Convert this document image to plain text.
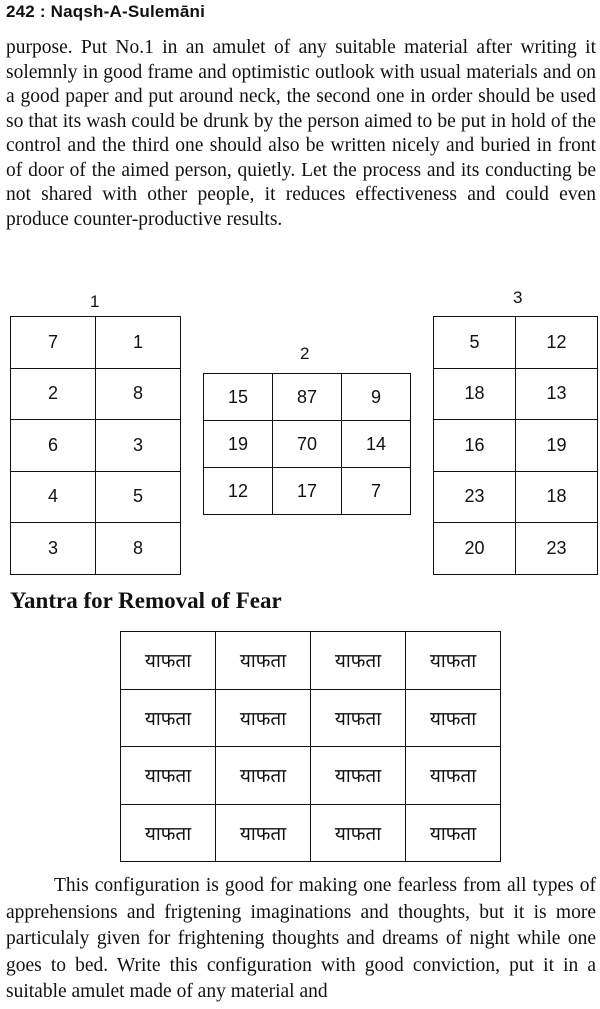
242 : Naqsh-A-Sulemāni

purpose. Put No.1 in an amulet of any suitable material after writing it solemnly in good frame and optimistic outlook with usual materials and on a good paper and put around neck, the second one in order should be used so that its wash could be drunk by the person aimed to be put in hold of the control and the third one should also be written nicely and buried in front of door of the aimed person, quietly. Let the process and its conducting be not shared with other people, it reduces effectiveness and could even produce counter-productive results.

1
2
3
7	1
2	8
6	3
4	5
3	8
15	87	9
19	70	14
12	17	7
5	12
18	13
16	19
23	18
20	23
Yantra for Removal of Fear
याफता	याफता	याफता	याफता
याफता	याफता	याफता	याफता
याफता	याफता	याफता	याफता
याफता	याफता	याफता	याफता

This configuration is good for making one fearless from all types of apprehensions and frigtening imaginations and thoughts, but it is more particulaly given for frightening thoughts and dreams of night while one goes to bed. Write this configuration with good conviction, put it in a suitable amulet made of any material and
